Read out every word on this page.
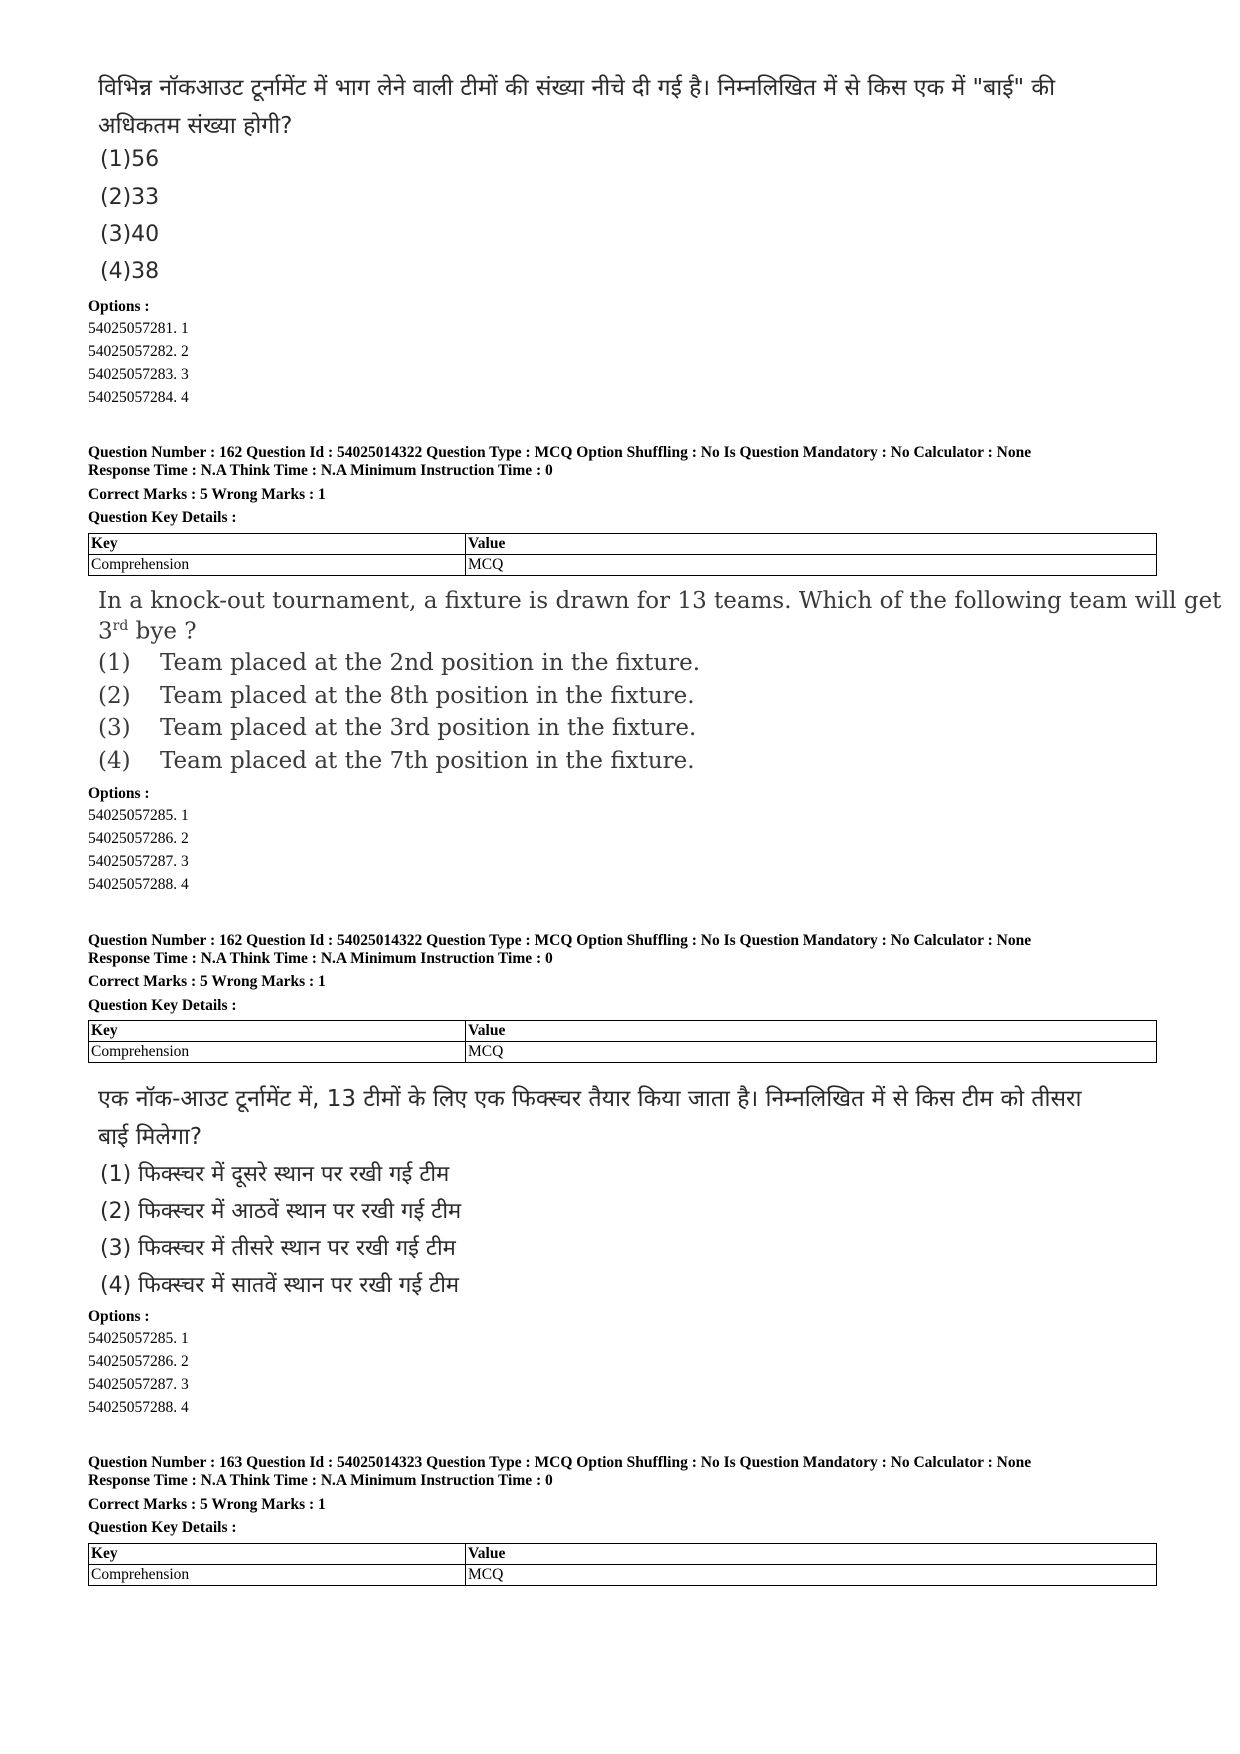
विभिन्न नॉकआउट टूर्नामेंट में भाग लेने वाली टीमों की संख्या नीचे दी गई है। निम्नलिखित में से किस एक में "बाई" की
अधिकतम संख्या होगी?
(1)56
(2)33
(3)40
(4)38
Options :
54025057281. 1
54025057282. 2
54025057283. 3
54025057284. 4
Question Number : 162 Question Id : 54025014322 Question Type : MCQ Option Shuffling : No Is Question Mandatory : No Calculator : None
Response Time : N.A Think Time : N.A Minimum Instruction Time : 0
Correct Marks : 5 Wrong Marks : 1
Question Key Details :
Key	Value
Comprehension	MCQ
In a knock-out tournament, a fixture is drawn for 13 teams. Which of the following team will get
3rd bye ?
(1) Team placed at the 2nd position in the fixture.
(2) Team placed at the 8th position in the fixture.
(3) Team placed at the 3rd position in the fixture.
(4) Team placed at the 7th position in the fixture.
Options :
54025057285. 1
54025057286. 2
54025057287. 3
54025057288. 4
Question Number : 162 Question Id : 54025014322 Question Type : MCQ Option Shuffling : No Is Question Mandatory : No Calculator : None
Response Time : N.A Think Time : N.A Minimum Instruction Time : 0
Correct Marks : 5 Wrong Marks : 1
Question Key Details :
Key	Value
Comprehension	MCQ
एक नॉक-आउट टूर्नामेंट में, 13 टीमों के लिए एक फिक्स्चर तैयार किया जाता है। निम्नलिखित में से किस टीम को तीसरा
बाई मिलेगा?
(1) फिक्स्चर में दूसरे स्थान पर रखी गई टीम
(2) फिक्स्चर में आठवें स्थान पर रखी गई टीम
(3) फिक्स्चर में तीसरे स्थान पर रखी गई टीम
(4) फिक्स्चर में सातवें स्थान पर रखी गई टीम
Options :
54025057285. 1
54025057286. 2
54025057287. 3
54025057288. 4
Question Number : 163 Question Id : 54025014323 Question Type : MCQ Option Shuffling : No Is Question Mandatory : No Calculator : None
Response Time : N.A Think Time : N.A Minimum Instruction Time : 0
Correct Marks : 5 Wrong Marks : 1
Question Key Details :
Key	Value
Comprehension	MCQ
